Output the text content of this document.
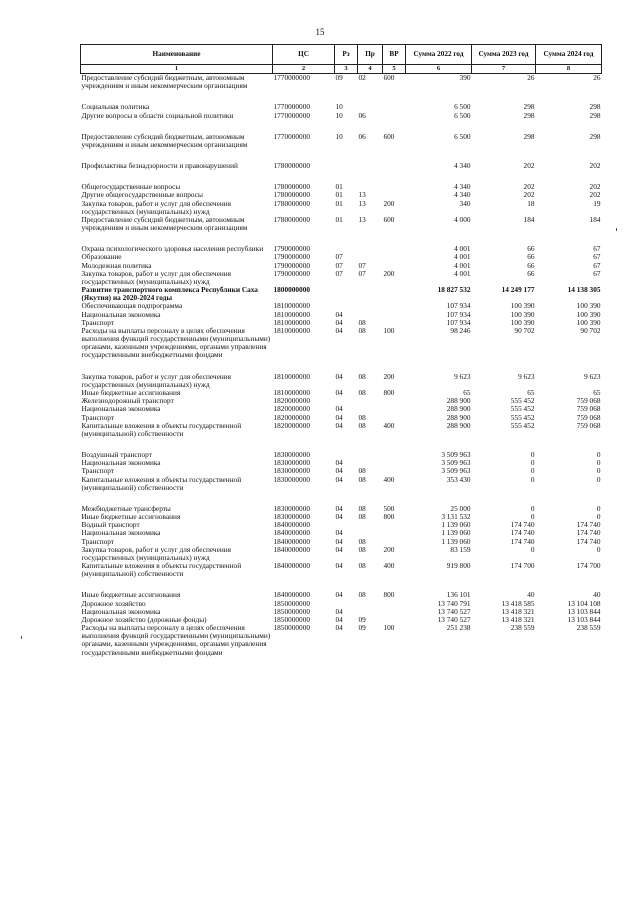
15
Наименование	ЦС	Рз	Пр	ВР	Сумма 2022 год	Сумма 2023 год	Сумма 2024 год
1	2	3	4	5	6	7	8
Предоставление субсидий бюджетным, автономным учреждениям и иным некоммерческим организациям	1770000000	09	02	600	390	26	26

Социальная политика	1770000000	10			6 500	298	298
Другие вопросы в области социальной политики	1770000000	10	06		6 500	298	298

Предоставление субсидий бюджетным, автономным учреждениям и иным некоммерческим организациям	1770000000	10	06	600	6 500	298	298

Профилактика безнадзорности и правонарушений	1780000000				4 340	202	202

Общегосударственные вопросы	1780000000	01			4 340	202	202
Другие общегосударственные вопросы	1780000000	01	13		4 340	202	202
Закупка товаров, работ и услуг для обеспечения государственных (муниципальных) нужд	1780000000	01	13	200	340	18	19
Предоставление субсидий бюджетным, автономным учреждениям и иным некоммерческим организациям	1780000000	01	13	600	4 000	184	184

Охрана психологического здоровья населения республики	1790000000				4 001	66	67
Образование	1790000000	07			4 001	66	67
Молодежная политика	1790000000	07	07		4 001	66	67
Закупка товаров, работ и услуг для обеспечения государственных (муниципальных) нужд	1790000000	07	07	200	4 001	66	67
Развитие транспортного комплекса Республики Саха (Якутия) на 2020-2024 годы	1800000000				18 827 532	14 249 177	14 138 305
Обеспечивающая подпрограмма	1810000000				107 934	100 390	100 390
Национальная экономика	1810000000	04			107 934	100 390	100 390
Транспорт	1810000000	04	08		107 934	100 390	100 390
Расходы на выплаты персоналу в целях обеспечения выполнения функций государственными (муниципальными) органами, казенными учреждениями, органами управления государственными внебюджетными фондами	1810000000	04	08	100	98 246	90 702	90 702

Закупка товаров, работ и услуг для обеспечения государственных (муниципальных) нужд	1810000000	04	08	200	9 623	9 623	9 623
Иные бюджетные ассигнования	1810000000	04	08	800	65	65	65
Железнодорожный транспорт	1820000000				288 900	555 452	759 068
Национальная экономика	1820000000	04			288 900	555 452	759 068
Транспорт	1820000000	04	08		288 900	555 452	759 068
Капитальные вложения в объекты государственной (муниципальной) собственности	1820000000	04	08	400	288 900	555 452	759 068

Воздушный транспорт	1830000000				3 509 963	0	0
Национальная экономика	1830000000	04			3 509 963	0	0
Транспорт	1830000000	04	08		3 509 963	0	0
Капитальные вложения в объекты государственной (муниципальной) собственности	1830000000	04	08	400	353 430	0	0

Межбюджетные трансферты	1830000000	04	08	500	25 000	0	0
Иные бюджетные ассигнования	1830000000	04	08	800	3 131 532	0	0
Водный транспорт	1840000000				1 139 060	174 740	174 740
Национальная экономика	1840000000	04			1 139 060	174 740	174 740
Транспорт	1840000000	04	08		1 139 060	174 740	174 740
Закупка товаров, работ и услуг для обеспечения государственных (муниципальных) нужд	1840000000	04	08	200	83 159	0	0
Капитальные вложения в объекты государственной (муниципальной) собственности	1840000000	04	08	400	919 800	174 700	174 700

Иные бюджетные ассигнования	1840000000	04	08	800	136 101	40	40
Дорожное хозяйство	1850000000				13 740 791	13 418 585	13 104 108
Национальная экономика	1850000000	04			13 740 527	13 418 321	13 103 844
Дорожное хозяйство (дорожные фонды)	1850000000	04	09		13 740 527	13 418 321	13 103 844
Расходы на выплаты персоналу в целях обеспечения выполнения функций государственными (муниципальными) органами, казенными учреждениями, органами управления государственными внебюджетными фондами	1850000000	04	09	100	251 238	238 559	238 559
